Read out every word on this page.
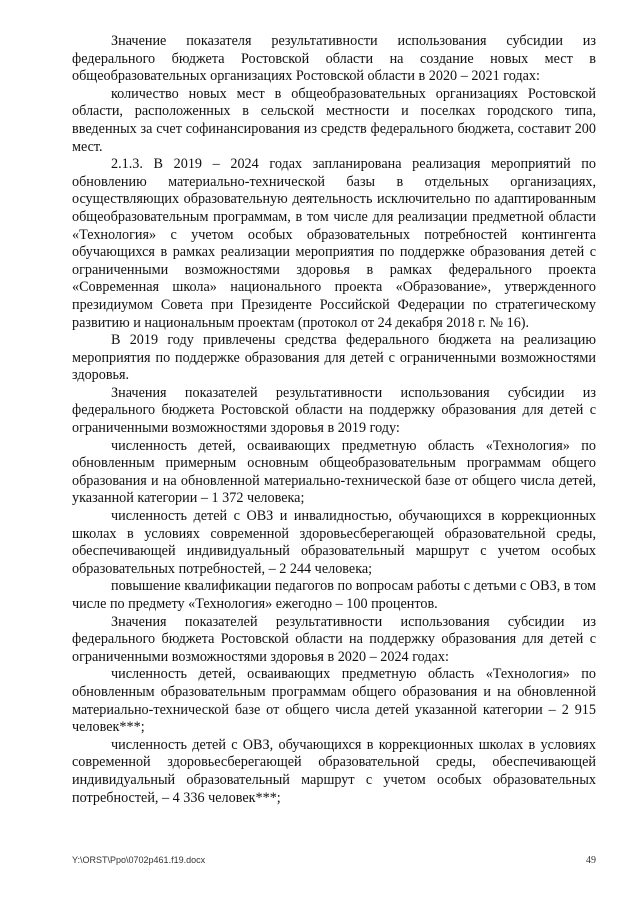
Значение показателя результативности использования субсидии из федерального бюджета Ростовской области на создание новых мест в общеобразовательных организациях Ростовской области в 2020 – 2021 годах:

количество новых мест в общеобразовательных организациях Ростовской области, расположенных в сельской местности и поселках городского типа, введенных за счет софинансирования из средств федерального бюджета, составит 200 мест.

2.1.3. В 2019 – 2024 годах запланирована реализация мероприятий по обновлению материально-технической базы в отдельных организациях, осуществляющих образовательную деятельность исключительно по адаптированным общеобразовательным программам, в том числе для реализации предметной области «Технология» с учетом особых образовательных потребностей контингента обучающихся в рамках реализации мероприятия по поддержке образования детей с ограниченными возможностями здоровья в рамках федерального проекта «Современная школа» национального проекта «Образование», утвержденного президиумом Совета при Президенте Российской Федерации по стратегическому развитию и национальным проектам (протокол от 24 декабря 2018 г. № 16).

В 2019 году привлечены средства федерального бюджета на реализацию мероприятия по поддержке образования для детей с ограниченными возможностями здоровья.

Значения показателей результативности использования субсидии из федерального бюджета Ростовской области на поддержку образования для детей с ограниченными возможностями здоровья в 2019 году:

численность детей, осваивающих предметную область «Технология» по обновленным примерным основным общеобразовательным программам общего образования и на обновленной материально-технической базе от общего числа детей, указанной категории – 1 372 человека;

численность детей с ОВЗ и инвалидностью, обучающихся в коррекционных школах в условиях современной здоровьесберегающей образовательной среды, обеспечивающей индивидуальный образовательный маршрут с учетом особых образовательных потребностей, – 2 244 человека;

повышение квалификации педагогов по вопросам работы с детьми с ОВЗ, в том числе по предмету «Технология» ежегодно – 100 процентов.

Значения показателей результативности использования субсидии из федерального бюджета Ростовской области на поддержку образования для детей с ограниченными возможностями здоровья в 2020 – 2024 годах:

численность детей, осваивающих предметную область «Технология» по обновленным образовательным программам общего образования и на обновленной материально-технической базе от общего числа детей указанной категории – 2 915 человек***;

численность детей с ОВЗ, обучающихся в коррекционных школах в условиях современной здоровьесберегающей образовательной среды, обеспечивающей индивидуальный образовательный маршрут с учетом особых образовательных потребностей, – 4 336 человек***;

Y:\ORST\Ppo\0702p461.f19.docx	49
